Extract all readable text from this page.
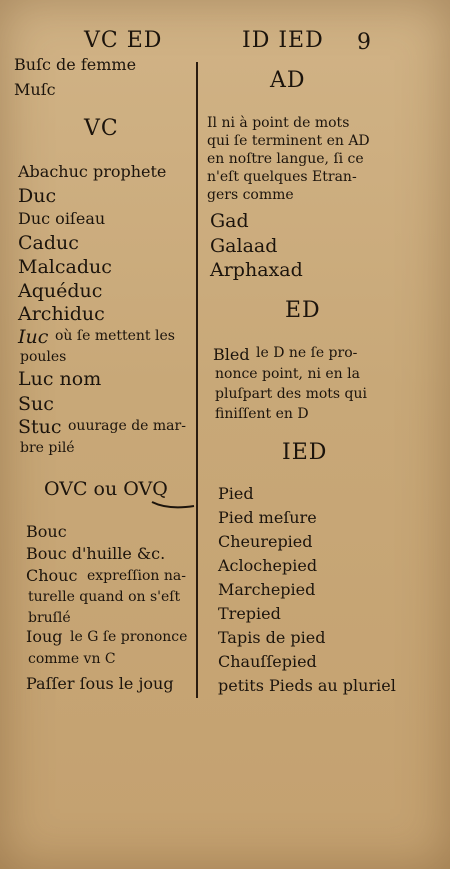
VC ED	ID IED 9
Buſc de femme
Muſc
VC
Abachuc prophete
Duc
Duc oiſeau
Caduc
Malcaduc
Aquéduc
Archiduc
Iuc où ſe mettent les
poules
Luc nom
Suc
Stuc ouurage de mar-
bre pilé
OVC ou OVQ
Bouc
Bouc d'huille &c.
Chouc expreſſion na-
turelle quand on s'eſt
bruſlé
Ioug le G ſe prononce
comme vn C
Paſſer ſous le joug
AD
Il ni à point de mots
qui ſe terminent en AD
en noſtre langue, ſi ce
n'eſt quelques Etran-
gers comme
Gad
Galaad
Arphaxad
ED
Bled le D ne ſe pro-
nonce point, ni en la
pluſpart des mots qui
finiſſent en D
IED
Pied
Pied meſure
Cheurepied
Aclochepied
Marchepied
Trepied
Tapis de pied
Chauſſepied
petits Pieds au pluriel
